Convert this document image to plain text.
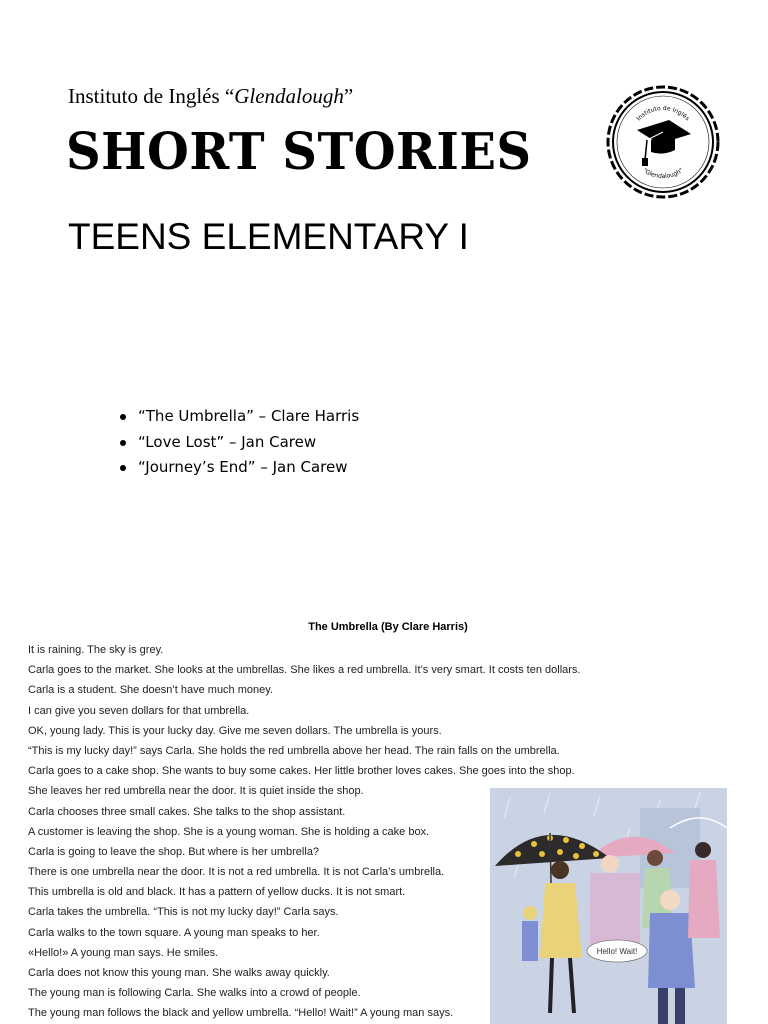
Instituto de Inglés “Glendalough”
SHORT STORIES
TEENS ELEMENTARY I
Instituto de Inglés
"Glendalough"
“The Umbrella” – Clare Harris
“Love Lost” – Jan Carew
“Journey’s End” – Jan Carew
The Umbrella (By Clare Harris)
It is raining. The sky is grey.
Carla goes to the market. She looks at the umbrellas. She likes a red umbrella. It’s very smart. It costs ten dollars.
Carla is a student. She doesn’t have much money.
I can give you seven dollars for that umbrella.
OK, young lady. This is your lucky day. Give me seven dollars. The umbrella is yours.
“This is my lucky day!” says Carla. She holds the red umbrella above her head. The rain falls on the umbrella.
Carla goes to a cake shop. She wants to buy some cakes. Her little brother loves cakes. She goes into the shop.
She leaves her red umbrella near the door. It is quiet inside the shop.
Carla chooses three small cakes. She talks to the shop assistant.
A customer is leaving the shop. She is a young woman. She is holding a cake box.
Carla is going to leave the shop. But where is her umbrella?
There is one umbrella near the door. It is not a red umbrella. It is not Carla’s umbrella.
This umbrella is old and black. It has a pattern of yellow ducks. It is not smart.
Carla takes the umbrella. “This is not my lucky day!” Carla says.
Carla walks to the town square. A young man speaks to her.
«Hello!» A young man says. He smiles.
Carla does not know this young man. She walks away quickly.
The young man is following Carla. She walks into a crowd of people.
The young man follows the black and yellow umbrella. “Hello! Wait!” A young man says.
Hello! Wait!
